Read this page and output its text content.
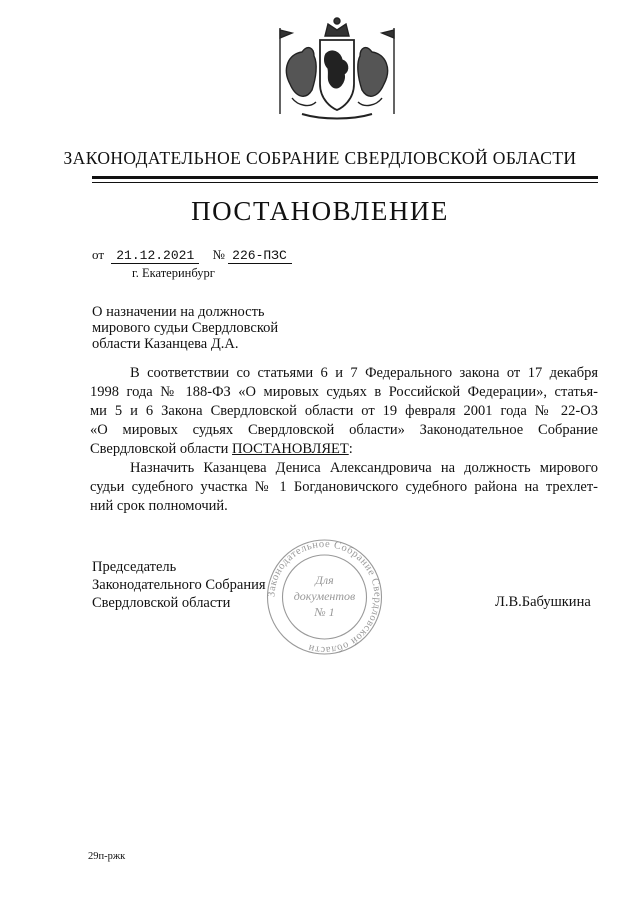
ЗАКОНОДАТЕЛЬНОЕ СОБРАНИЕ СВЕРДЛОВСКОЙ ОБЛАСТИ
ПОСТАНОВЛЕНИЕ
от 21.12.2021 № 226-ПЗС
г. Екатеринбург
О назначении на должность
мирового судьи Свердловской
области Казанцева Д.А.
В соответствии со статьями 6 и 7 Федерального закона от 17 декабря
1998 года № 188-ФЗ «О мировых судьях в Российской Федерации», статья-
ми 5 и 6 Закона Свердловской области от 19 февраля 2001 года № 22-ОЗ
«О мировых судьях Свердловской области» Законодательное Собрание
Свердловской области ПОСТАНОВЛЯЕТ:
Назначить Казанцева Дениса Александровича на должность мирового
судьи судебного участка № 1 Богдановичского судебного района на трехлет-
ний срок полномочий.
Законодательное Собрание Свердловской области
Для
документов
№ 1
Председатель
Законодательного Собрания
Свердловской области	Л.В.Бабушкина
29п-ржк
